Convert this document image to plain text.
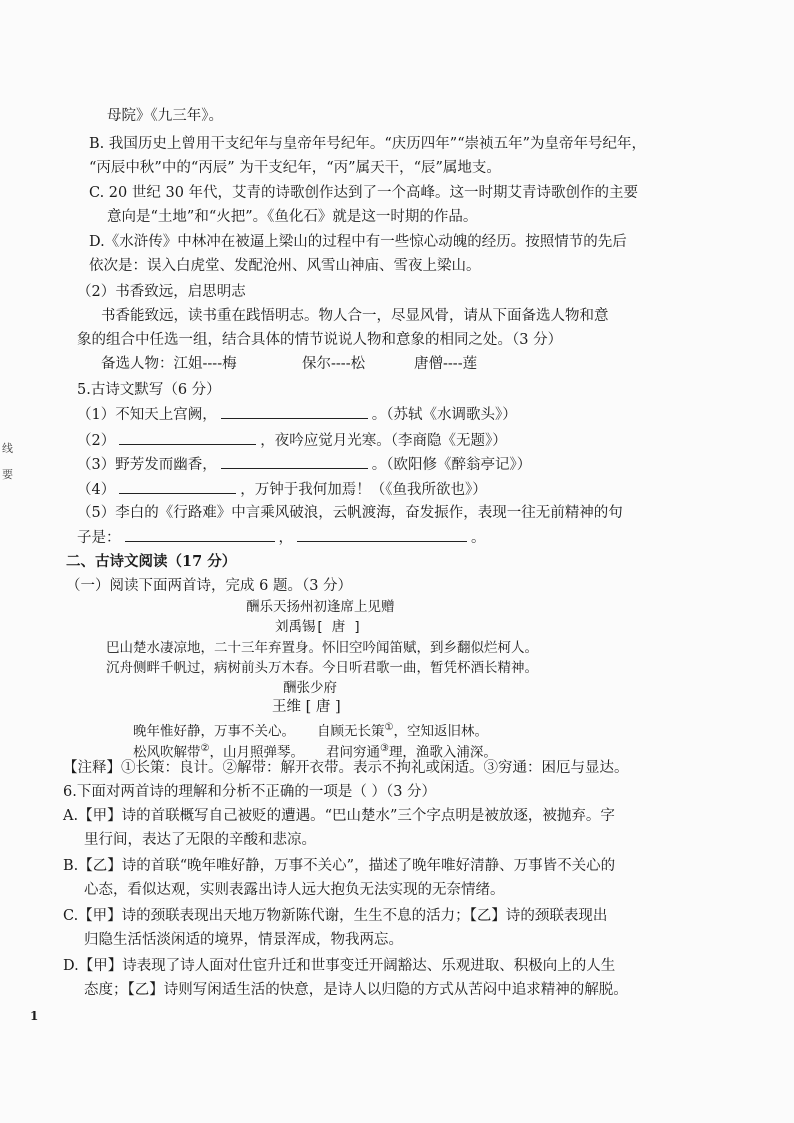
线
要
母院》《九三年》。
B. 我国历史上曾用干支纪年与皇帝年号纪年。“庆历四年”“崇祯五年”为皇帝年号纪年，
“丙辰中秋”中的“丙辰” 为干支纪年，“丙”属天干，“辰”属地支。
C. 20 世纪 30 年代，艾青的诗歌创作达到了一个高峰。这一时期艾青诗歌创作的主要
意向是“土地”和“火把”。《鱼化石》就是这一时期的作品。
D.《水浒传》中林冲在被逼上梁山的过程中有一些惊心动魄的经历。按照情节的先后
依次是：误入白虎堂、发配沧州、风雪山神庙、雪夜上梁山。
（2）书香致远，启思明志
书香能致远，读书重在践悟明志。物人合一，尽显风骨，请从下面备选人物和意
象的组合中任选一组，结合具体的情节说说人物和意象的相同之处。（3 分）
备选人物：江姐----梅	保尔----松	唐僧----莲
5.古诗文默写（6 分）
（1）不知天上宫阙，	。（苏轼《水调歌头》）
（2）	，夜吟应觉月光寒。（李商隐《无题》）
（3）野芳发而幽香，	。（欧阳修《醉翁亭记》）
（4）	，万钟于我何加焉！（《鱼我所欲也》）
（5）李白的《行路难》中言乘风破浪，云帆渡海，奋发振作，表现一往无前精神的句
子是：	，	。
二、古诗文阅读（17 分）
（一）阅读下面两首诗，完成 6 题。（3 分）
酬乐天扬州初逢席上见赠
刘禹锡[ 唐 ]
巴山楚水凄凉地，二十三年弃置身。怀旧空吟闻笛赋，到乡翻似烂柯人。
沉舟侧畔千帆过，病树前头万木春。今日听君歌一曲，暂凭杯酒长精神。
酬张少府
王维 [ 唐 ]
晚年惟好静，万事不关心。 自顾无长策①，空知返旧林。
松风吹解带②，山月照弹琴。 君问穷通③理，渔歌入浦深。
【注释】①长策：良计。②解带：解开衣带。表示不拘礼或闲适。③穷通：困厄与显达。
6.下面对两首诗的理解和分析不正确的一项是（ ）（3 分）
A.【甲】诗的首联概写自己被贬的遭遇。“巴山楚水”三个字点明是被放逐，被抛弃。字
里行间，表达了无限的辛酸和悲凉。
B.【乙】诗的首联“晚年唯好静，万事不关心”，描述了晚年唯好清静、万事皆不关心的
心态，看似达观，实则表露出诗人远大抱负无法实现的无奈情绪。
C.【甲】诗的颈联表现出天地万物新陈代谢，生生不息的活力；【乙】诗的颈联表现出
归隐生活恬淡闲适的境界，情景浑成，物我两忘。
D.【甲】诗表现了诗人面对仕宦升迁和世事变迁开阔豁达、乐观进取、积极向上的人生
态度；【乙】诗则写闲适生活的快意，是诗人以归隐的方式从苦闷中追求精神的解脱。
1
